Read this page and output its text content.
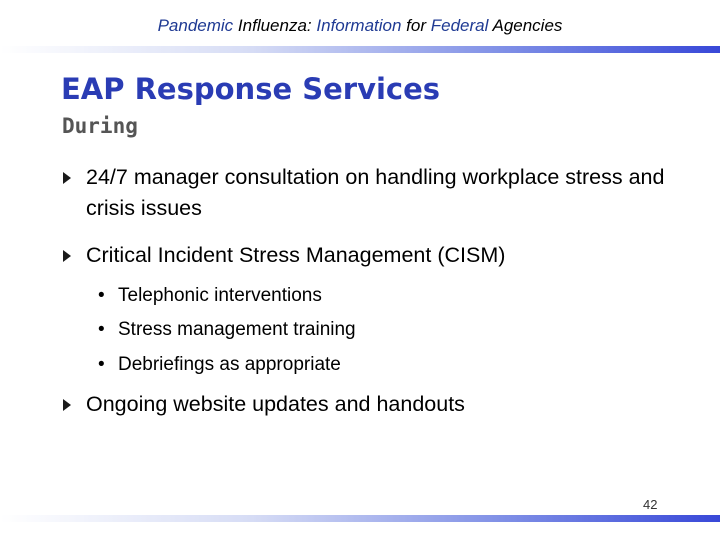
Pandemic Influenza: Information for Federal Agencies
EAP Response Services
During
24/7 manager consultation on handling workplace stress and crisis issues
Critical Incident Stress Management (CISM)
• Telephonic interventions
• Stress management training
• Debriefings as appropriate
Ongoing website updates and handouts
42
